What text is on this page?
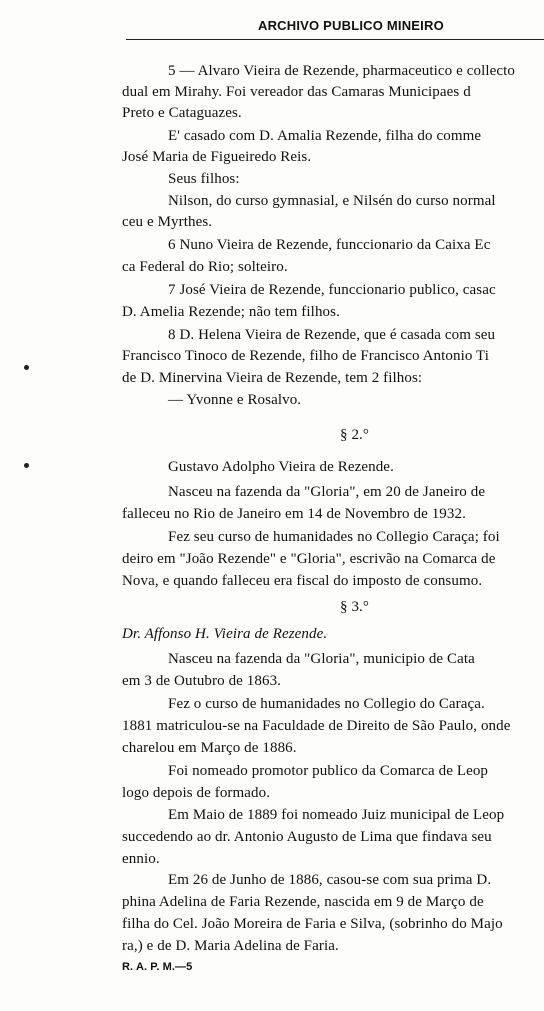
ARCHIVO PUBLICO MINEIRO
5 — Alvaro Vieira de Rezende, pharmaceutico e collecto
dual em Mirahy. Foi vereador das Camaras Municipaes d
Preto e Cataguazes.
E' casado com D. Amalia Rezende, filha do comme
José Maria de Figueiredo Reis.
Seus filhos:
Nilson, do curso gymnasial, e Nilsén do curso normal
ceu e Myrthes.
6 Nuno Vieira de Rezende, funccionario da Caixa Ec
ca Federal do Rio; solteiro.
7 José Vieira de Rezende, funccionario publico, casac
D. Amelia Rezende; não tem filhos.
8 D. Helena Vieira de Rezende, que é casada com seu
Francisco Tinoco de Rezende, filho de Francisco Antonio Ti
de D. Minervina Vieira de Rezende, tem 2 filhos:
— Yvonne e Rosalvo.
§ 2.°
Gustavo Adolpho Vieira de Rezende.
Nasceu na fazenda da "Gloria", em 20 de Janeiro de
falleceu no Rio de Janeiro em 14 de Novembro de 1932.
Fez seu curso de humanidades no Collegio Caraça; foi
deiro em "João Rezende" e "Gloria", escrivão na Comarca de
Nova, e quando falleceu era fiscal do imposto de consumo.
§ 3.°
Dr. Affonso H. Vieira de Rezende.
Nasceu na fazenda da "Gloria", municipio de Cata
em 3 de Outubro de 1863.
Fez o curso de humanidades no Collegio do Caraça.
1881 matriculou-se na Faculdade de Direito de São Paulo, onde
charelou em Março de 1886.
Foi nomeado promotor publico da Comarca de Leop
logo depois de formado.
Em Maio de 1889 foi nomeado Juiz municipal de Leop
succedendo ao dr. Antonio Augusto de Lima que findava seu
ennio.
Em 26 de Junho de 1886, casou-se com sua prima D.
phina Adelina de Faria Rezende, nascida em 9 de Março de
filha do Cel. João Moreira de Faria e Silva, (sobrinho do Majo
ra,) e de D. Maria Adelina de Faria.
R. A. P. M.—5
